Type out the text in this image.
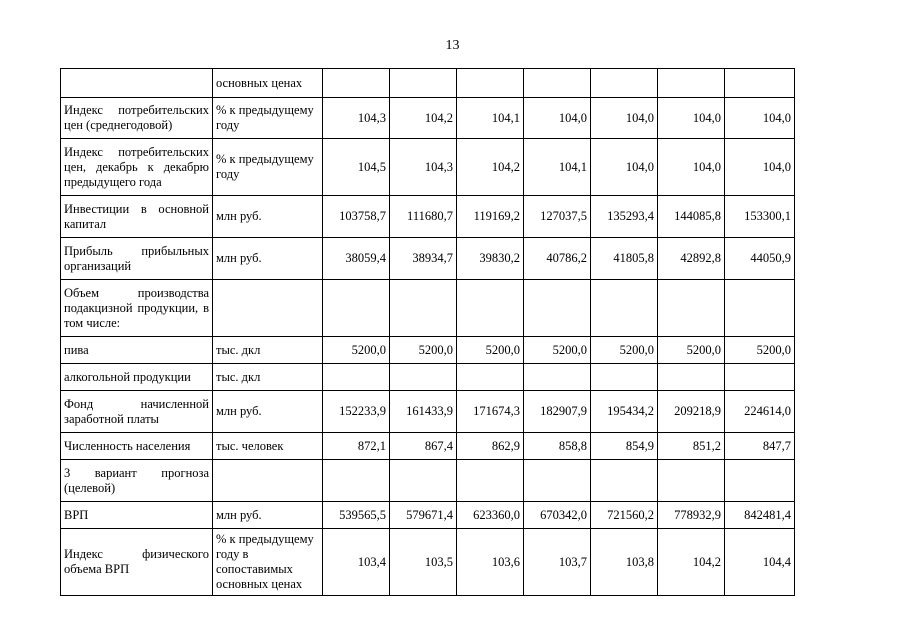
13
	основных ценах							
Индекс потребительских цен (среднегодовой)	% к предыдущему году	104,3	104,2	104,1	104,0	104,0	104,0	104,0
Индекс потребительских цен, декабрь к декабрю предыдущего года	% к предыдущему году	104,5	104,3	104,2	104,1	104,0	104,0	104,0
Инвестиции в основной капитал	млн руб.	103758,7	111680,7	119169,2	127037,5	135293,4	144085,8	153300,1
Прибыль прибыльных организаций	млн руб.	38059,4	38934,7	39830,2	40786,2	41805,8	42892,8	44050,9
Объем производства подакцизной продукции, в том числе:								
пива	тыс. дкл	5200,0	5200,0	5200,0	5200,0	5200,0	5200,0	5200,0
алкогольной продукции	тыс. дкл							
Фонд начисленной заработной платы	млн руб.	152233,9	161433,9	171674,3	182907,9	195434,2	209218,9	224614,0
Численность населения	тыс. человек	872,1	867,4	862,9	858,8	854,9	851,2	847,7
3 вариант прогноза (целевой)								
ВРП	млн руб.	539565,5	579671,4	623360,0	670342,0	721560,2	778932,9	842481,4
Индекс физического объема ВРП	% к предыдущему году в сопоставимых основных ценах	103,4	103,5	103,6	103,7	103,8	104,2	104,4
